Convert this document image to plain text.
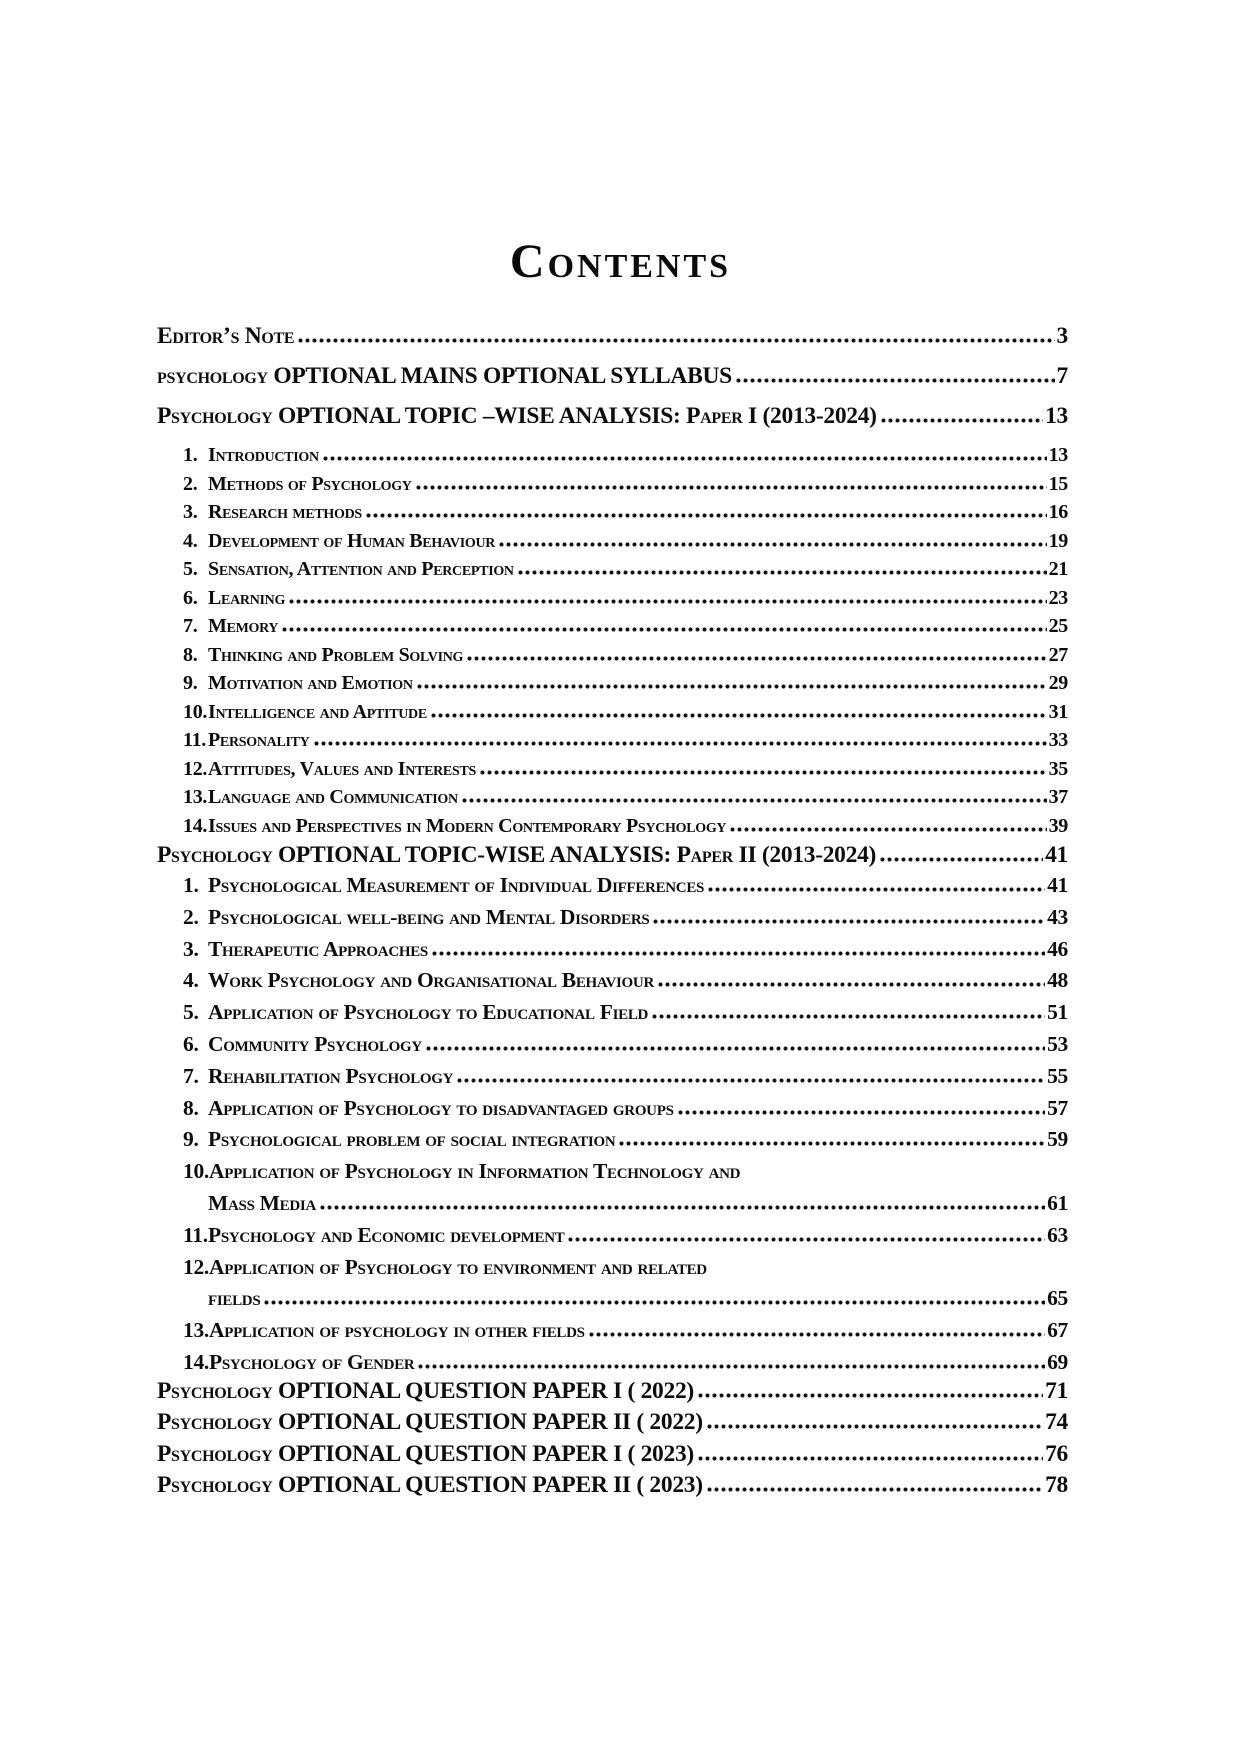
Contents
Editor’s Note	3
psychology OPTIONAL MAINS OPTIONAL SYLLABUS	7
Psychology OPTIONAL TOPIC –WISE ANALYSIS: Paper I (2013-2024)	13
1. Introduction	13
2. Methods of Psychology	15
3. Research methods	16
4. Development of Human Behaviour	19
5. Sensation, Attention and Perception	21
6. Learning	23
7. Memory	25
8. Thinking and Problem Solving	27
9. Motivation and Emotion	29
10. Intelligence and Aptitude	31
11. Personality	33
12. Attitudes, Values and Interests	35
13. Language and Communication	37
14. Issues and Perspectives in Modern Contemporary Psychology	39
Psychology OPTIONAL TOPIC-WISE ANALYSIS: Paper II (2013-2024)	41
1. Psychological Measurement of Individual Differences	41
2. Psychological well-being and Mental Disorders	43
3. Therapeutic Approaches	46
4. Work Psychology and Organisational Behaviour	48
5. Application of Psychology to Educational Field	51
6. Community Psychology	53
7. Rehabilitation Psychology	55
8. Application of Psychology to disadvantaged groups	57
9. Psychological problem of social integration	59
10. Application of Psychology in Information Technology and
Mass Media	61
11. Psychology and Economic development	63
12. Application of Psychology to environment and related
fields	65
13. Application of psychology in other fields	67
14. Psychology of Gender	69
Psychology OPTIONAL QUESTION PAPER I ( 2022)	71
Psychology OPTIONAL QUESTION PAPER II ( 2022)	74
Psychology OPTIONAL QUESTION PAPER I ( 2023)	76
Psychology OPTIONAL QUESTION PAPER II ( 2023)	78
